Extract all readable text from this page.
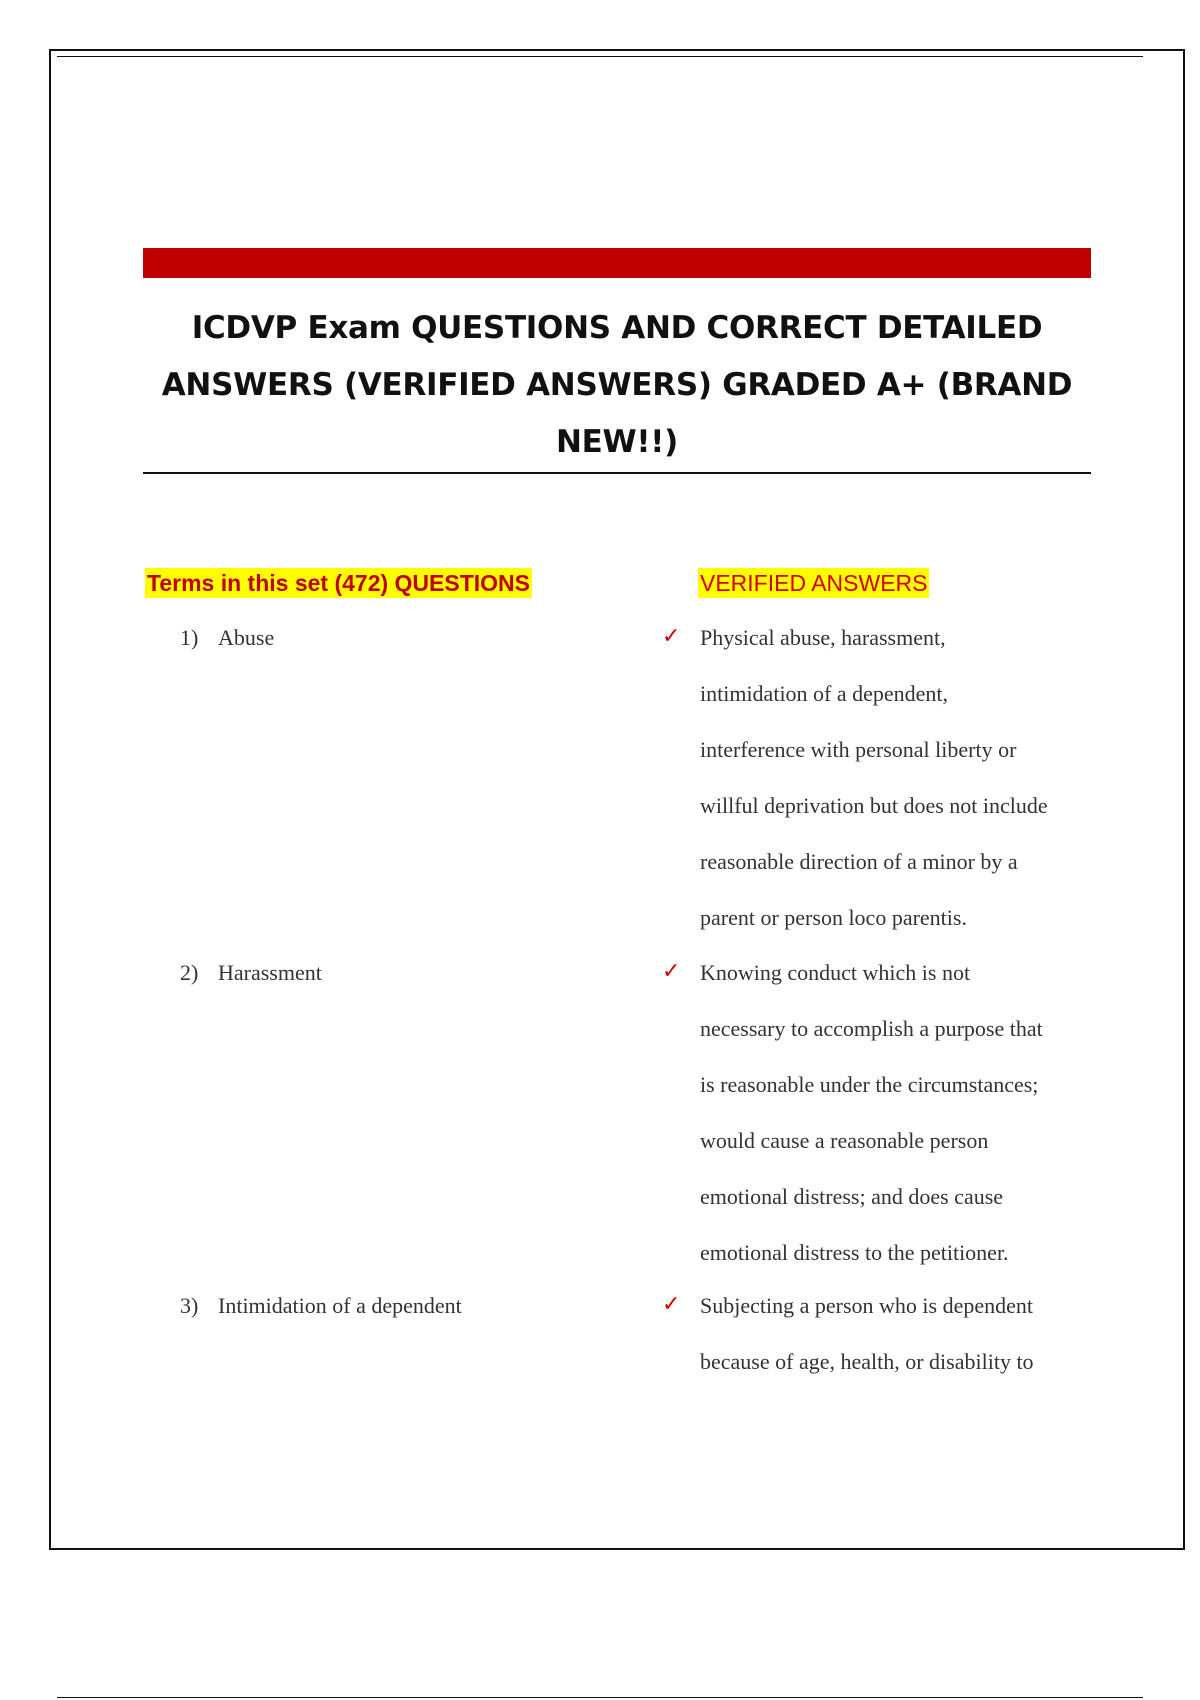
ICDVP Exam QUESTIONS AND CORRECT DETAILED ANSWERS (VERIFIED ANSWERS) GRADED A+ (BRAND NEW!!)
Terms in this set (472) QUESTIONS	VERIFIED ANSWERS
1) Abuse	✓ Physical abuse, harassment,
intimidation of a dependent,
interference with personal liberty or
willful deprivation but does not include
reasonable direction of a minor by a
parent or person loco parentis.
2) Harassment	✓ Knowing conduct which is not
necessary to accomplish a purpose that
is reasonable under the circumstances;
would cause a reasonable person
emotional distress; and does cause
emotional distress to the petitioner.
3) Intimidation of a dependent	✓ Subjecting a person who is dependent
because of age, health, or disability to
